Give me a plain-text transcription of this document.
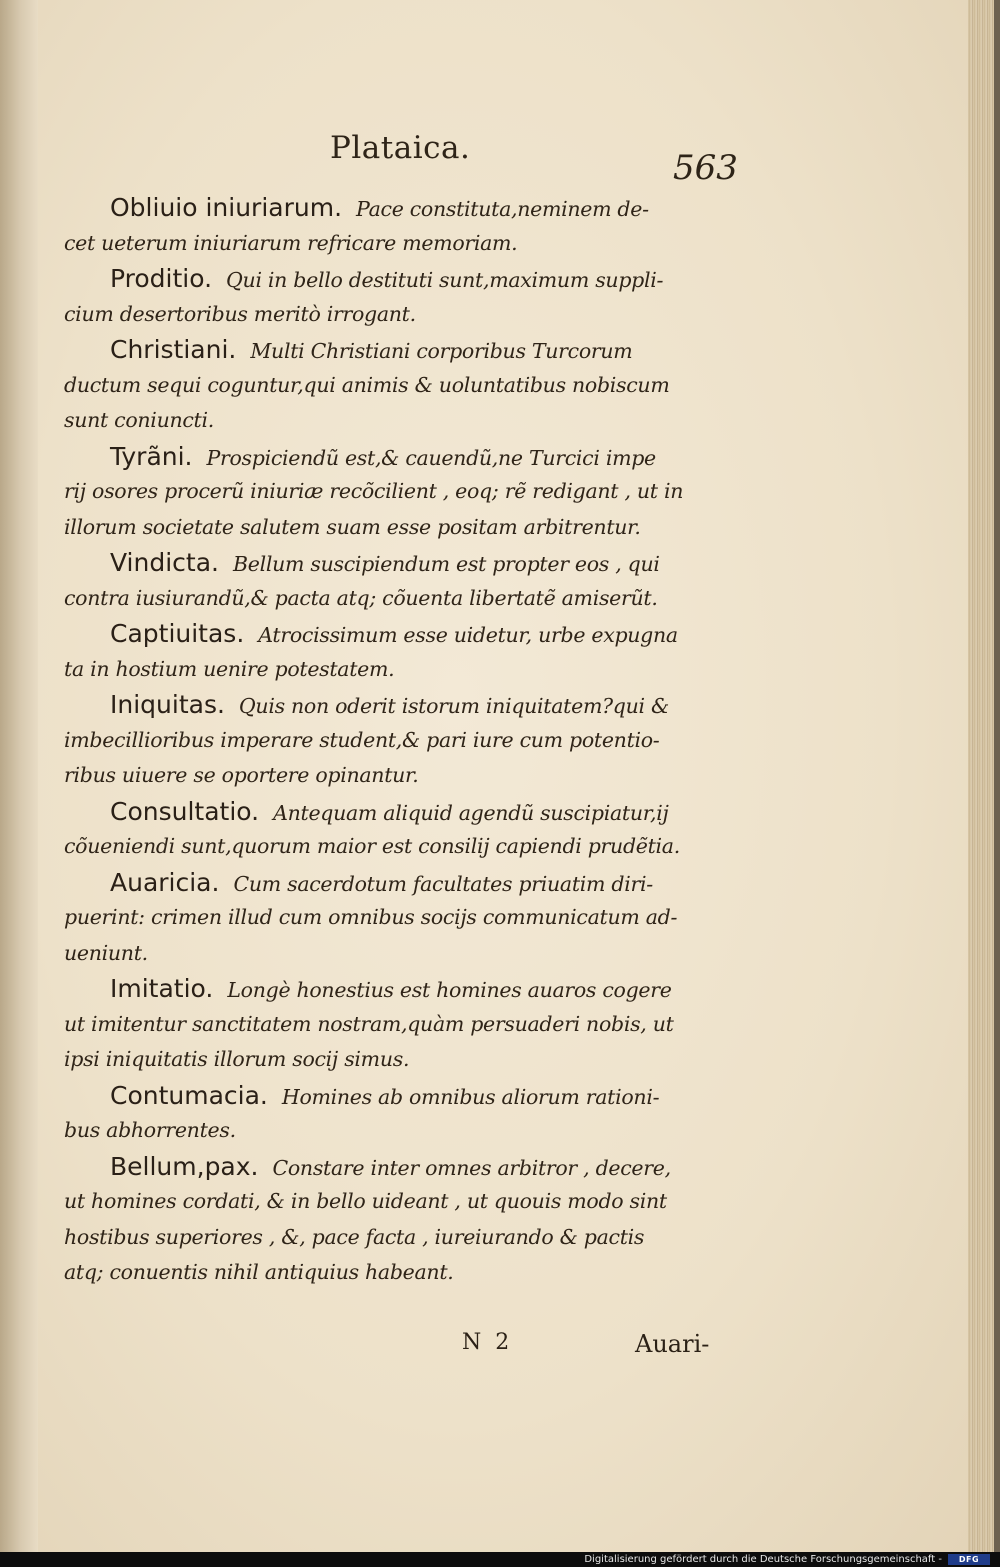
Plataica.	563
Obliuio iniuriarum. Pace constituta,neminem de-
cet ueterum iniuriarum refricare memoriam.
Proditio. Qui in bello destituti sunt,maximum suppli-
cium desertoribus meritò irrogant.
Christiani. Multi Christiani corporibus Turcorum
ductum sequi coguntur,qui animis & uoluntatibus nobiscum
sunt coniuncti.
Tyrãni. Prospiciendũ est,& cauendũ,ne Turcici impe
rij osores procerũ iniuriæ recõcilient , eoq; rẽ redigant , ut in
illorum societate salutem suam esse positam arbitrentur.
Vindicta. Bellum suscipiendum est propter eos , qui
contra iusiurandũ,& pacta atq; cõuenta libertatẽ amiserũt.
Captiuitas. Atrocissimum esse uidetur, urbe expugna
ta in hostium uenire potestatem.
Iniquitas. Quis non oderit istorum iniquitatem?qui &
imbecillioribus imperare student,& pari iure cum potentio-
ribus uiuere se oportere opinantur.
Consultatio. Antequam aliquid agendũ suscipiatur,ij
cõueniendi sunt,quorum maior est consilij capiendi prudẽtia.
Auaricia. Cum sacerdotum facultates priuatim diri-
puerint: crimen illud cum omnibus socijs communicatum ad-
ueniunt.
Imitatio. Longè honestius est homines auaros cogere
ut imitentur sanctitatem nostram,quàm persuaderi nobis, ut
ipsi iniquitatis illorum socij simus.
Contumacia. Homines ab omnibus aliorum rationi-
bus abhorrentes.
Bellum,pax. Constare inter omnes arbitror , decere,
ut homines cordati, & in bello uideant , ut quouis modo sint
hostibus superiores , &, pace facta , iureiurando & pactis
atq; conuentis nihil antiquius habeant.
N  2	Auari-
Digitalisierung gefördert durch die Deutsche Forschungsgemeinschaft -	DFG
